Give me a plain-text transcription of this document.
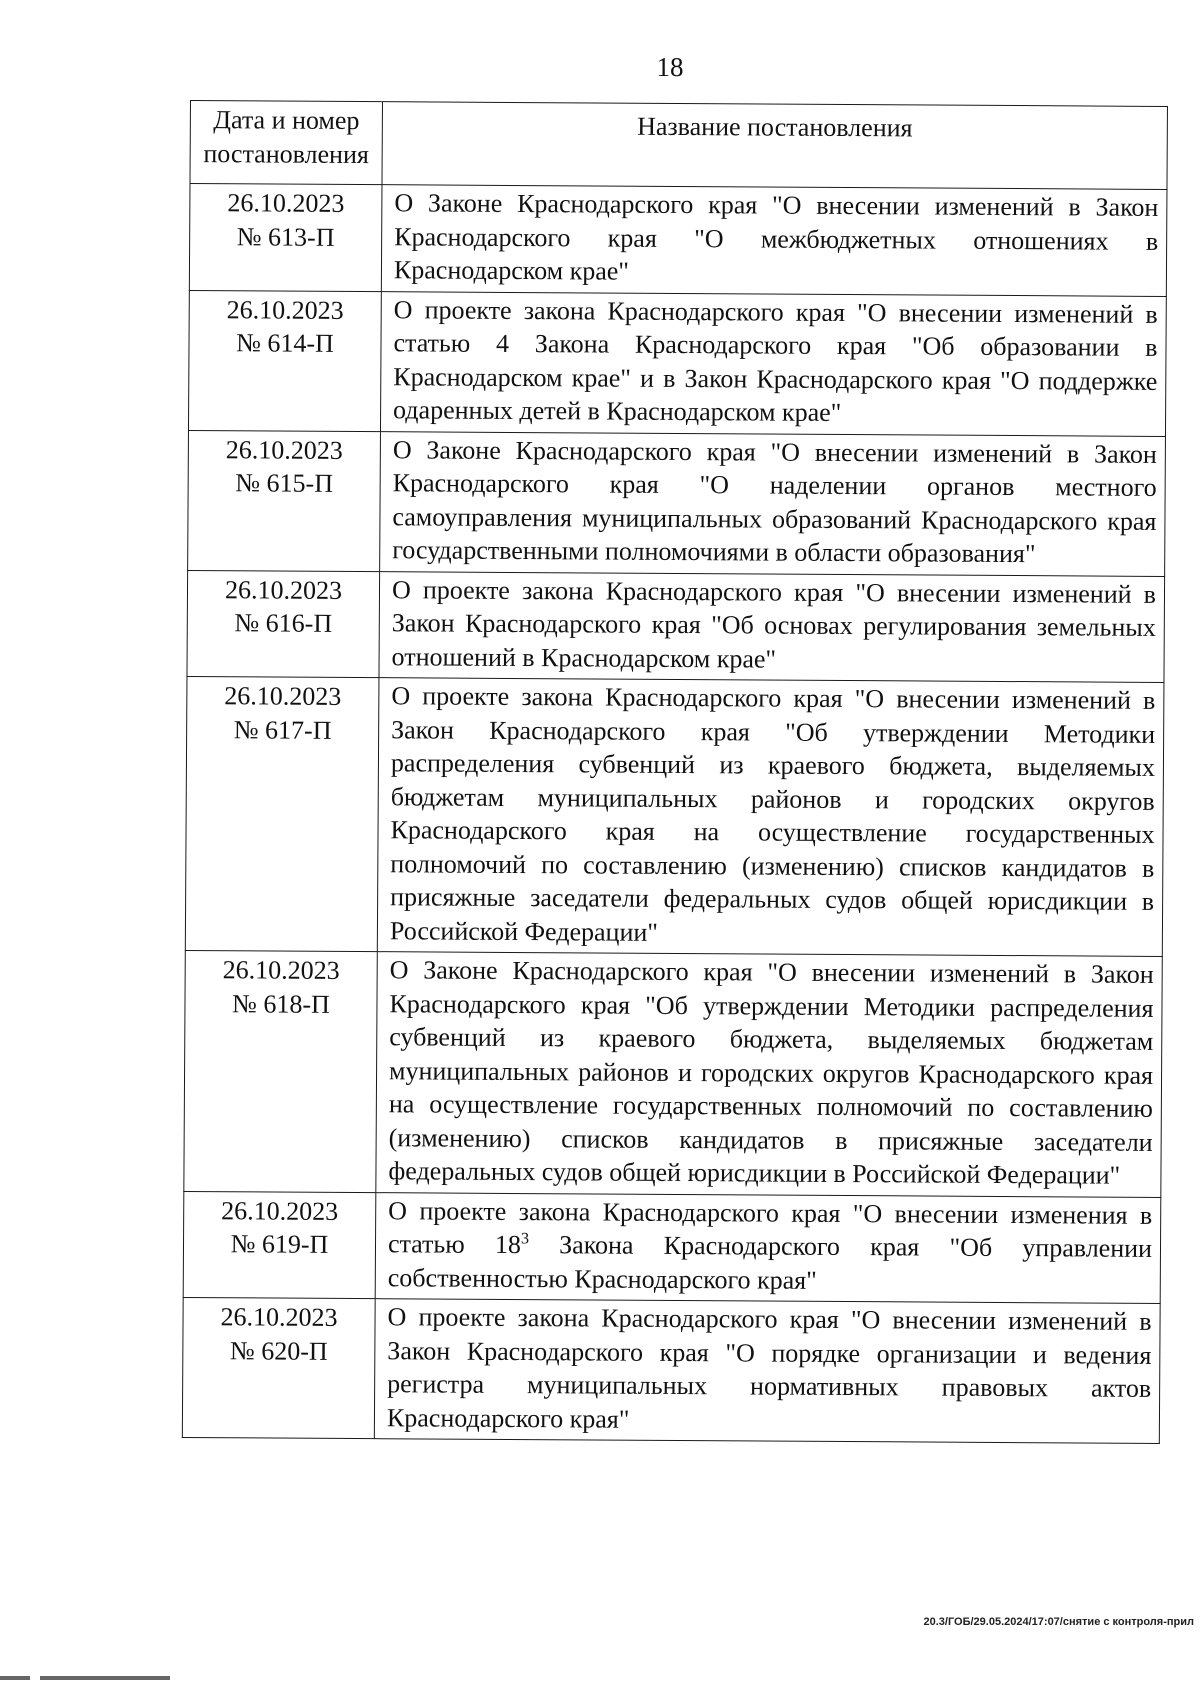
18
Дата и номер постановления	Название постановления

26.10.2023
№ 613-П	О Законе Краснодарского края "О внесении изменений в Закон Краснодарского края "О межбюджетных отношениях в Краснодарском крае"

26.10.2023
№ 614-П	О проекте закона Краснодарского края "О внесении изменений в статью 4 Закона Краснодарского края "Об образовании в Краснодарском крае" и в Закон Краснодарского края "О поддержке одаренных детей в Краснодарском крае"

26.10.2023
№ 615-П	О Законе Краснодарского края "О внесении изменений в Закон Краснодарского края "О наделении органов местного самоуправления муниципальных образований Краснодарского края государственными полномочиями в области образования"

26.10.2023
№ 616-П	О проекте закона Краснодарского края "О внесении изменений в Закон Краснодарского края "Об основах регулирования земельных отношений в Краснодарском крае"

26.10.2023
№ 617-П	О проекте закона Краснодарского края "О внесении изменений в Закон Краснодарского края "Об утверждении Методики распределения субвенций из краевого бюджета, выделяемых бюджетам муниципальных районов и городских округов Краснодарского края на осуществление государственных полномочий по составлению (изменению) списков кандидатов в присяжные заседатели федеральных судов общей юрисдикции в Российской Федерации"

26.10.2023
№ 618-П	О Законе Краснодарского края "О внесении изменений в Закон Краснодарского края "Об утверждении Методики распределения субвенций из краевого бюджета, выделяемых бюджетам муниципальных районов и городских округов Краснодарского края на осуществление государственных полномочий по составлению (изменению) списков кандидатов в присяжные заседатели федеральных судов общей юрисдикции в Российской Федерации"

26.10.2023
№ 619-П	О проекте закона Краснодарского края "О внесении изменения в статью $18^3$ Закона Краснодарского края "Об управлении собственностью Краснодарского края"

26.10.2023
№ 620-П	О проекте закона Краснодарского края "О внесении изменений в Закон Краснодарского края "О порядке организации и ведения регистра муниципальных нормативных правовых актов Краснодарского края"
20.3/ГОБ/29.05.2024/17:07/снятие с контроля-прил
